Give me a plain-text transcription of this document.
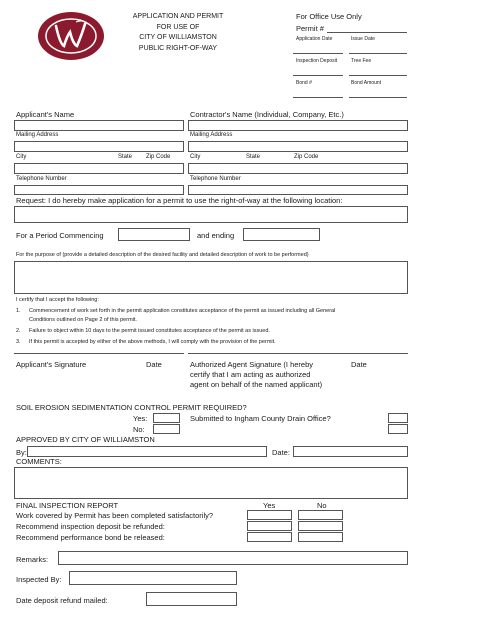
APPLICATION AND PERMIT
FOR USE OF
CITY OF WILLIAMSTON
PUBLIC RIGHT-OF-WAY
For Office Use Only
Permit #
Application Date	Issue Date
Inspection Deposit	Tree Fee
Bond #	Bond Amount
Applicant's Name	Contractor's Name (Individual, Company, Etc.)
Mailing Address	Mailing Address
City	State Zip Code	City	State	Zip Code
Telephone Number	Telephone Number
Request: I do hereby make application for a permit to use the right-of-way at the following location:
For a Period Commencing	and ending
For the purpose of (provide a detailed description of the desired facility and detailed description of work to be performed)
I certify that I accept the following:
1. Commencement of work set forth in the permit application constitutes acceptance of the permit as issued including all General
Conditions outlined on Page 2 of this permit.
2. Failure to object within 10 days to the permit issued constitutes acceptance of the permit as issued.
3. If this permit is accepted by either of the above methods, I will comply with the provision of the permit.
Applicant's Signature	Date	Authorized Agent Signature (I hereby
certify that I am acting as authorized
agent on behalf of the named applicant)
Date
SOIL EROSION SEDIMENTATION CONTROL PERMIT REQUIRED?
Yes:
No:
Submitted to Ingham County Drain Office?
APPROVED BY CITY OF WILLIAMSTON
By:	Date:
COMMENTS:
FINAL INSPECTION REPORT	Yes	No
Work covered by Permit has been completed satisfactorily?
Recommend inspection deposit be refunded:
Recommend performance bond be released:
Remarks:
Inspected By:
Date deposit refund mailed:
